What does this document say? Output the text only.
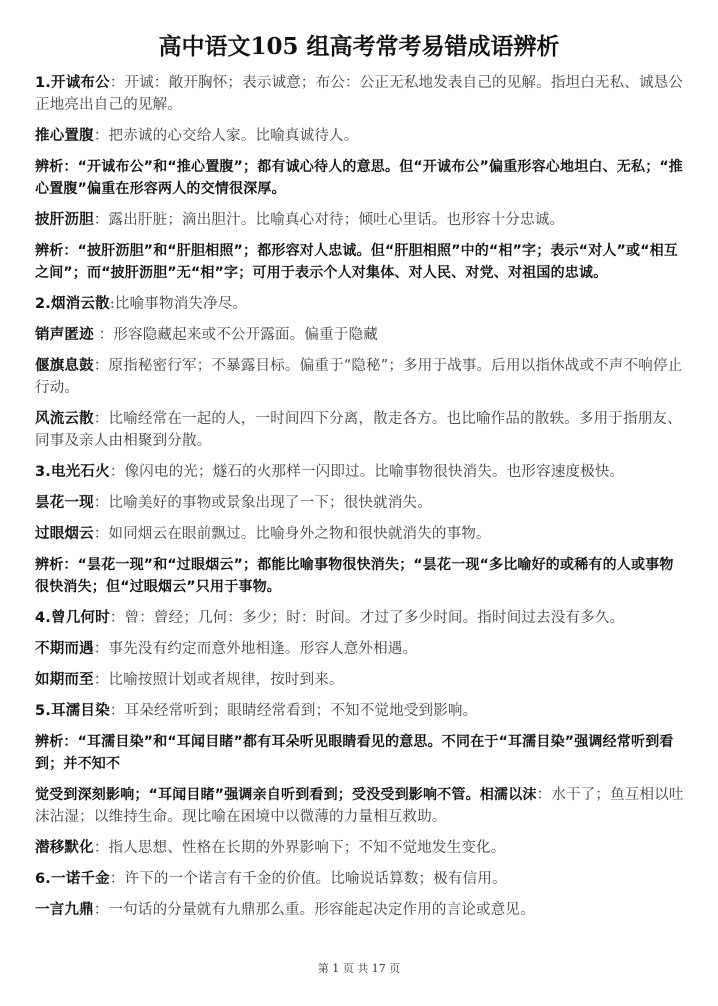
高中语文105 组高考常考易错成语辨析

1.开诚布公：开诚：敞开胸怀；表示诚意；布公：公正无私地发表自己的见解。指坦白无私、诚恳公正地亮出自己的见解。

推心置腹：把赤诚的心交给人家。比喻真诚待人。

辨析：“开诚布公”和“推心置腹”；都有诚心待人的意思。但“开诚布公”偏重形容心地坦白、无私；“推心置腹”偏重在形容两人的交情很深厚。

披肝沥胆：露出肝脏；滴出胆汁。比喻真心对待；倾吐心里话。也形容十分忠诚。

辨析：“披肝沥胆”和“肝胆相照”；都形容对人忠诚。但“肝胆相照”中的“相”字；表示“对人”或“相互之间”；而“披肝沥胆”无“相”字；可用于表示个人对集体、对人民、对党、对祖国的忠诚。

2.烟消云散:比喻事物消失净尽。

销声匿迹 ：形容隐藏起来或不公开露面。偏重于隐藏

偃旗息鼓：原指秘密行军；不暴露目标。偏重于“隐秘”；多用于战事。后用以指休战或不声不响停止行动。

风流云散：比喻经常在一起的人，一时间四下分离，散走各方。也比喻作品的散轶。多用于指朋友、同事及亲人由相聚到分散。

3.电光石火：像闪电的光；燧石的火那样一闪即过。比喻事物很快消失。也形容速度极快。

昙花一现：比喻美好的事物或景象出现了一下；很快就消失。

过眼烟云：如同烟云在眼前飘过。比喻身外之物和很快就消失的事物。

辨析：“昙花一现”和“过眼烟云”；都能比喻事物很快消失；“昙花一现“多比喻好的或稀有的人或事物很快消失；但“过眼烟云”只用于事物。

4.曾几何时：曾：曾经；几何：多少；时：时间。才过了多少时间。指时间过去没有多久。

不期而遇：事先没有约定而意外地相逢。形容人意外相遇。

如期而至：比喻按照计划或者规律，按时到来。

5.耳濡目染：耳朵经常听到；眼睛经常看到；不知不觉地受到影响。

辨析：“耳濡目染”和“耳闻目睹”都有耳朵听见眼睛看见的意思。不同在于“耳濡目染”强调经常听到看到；并不知不

觉受到深刻影响；“耳闻目睹”强调亲自听到看到；受没受到影响不管。相濡以沫：水干了；鱼互相以吐沫沾湿；以维持生命。现比喻在困境中以微薄的力量相互救助。

潜移默化：指人思想、性格在长期的外界影响下；不知不觉地发生变化。

6.一诺千金：许下的一个诺言有千金的价值。比喻说话算数；极有信用。

一言九鼎：一句话的分量就有九鼎那么重。形容能起决定作用的言论或意见。

第 1 页 共 17 页
